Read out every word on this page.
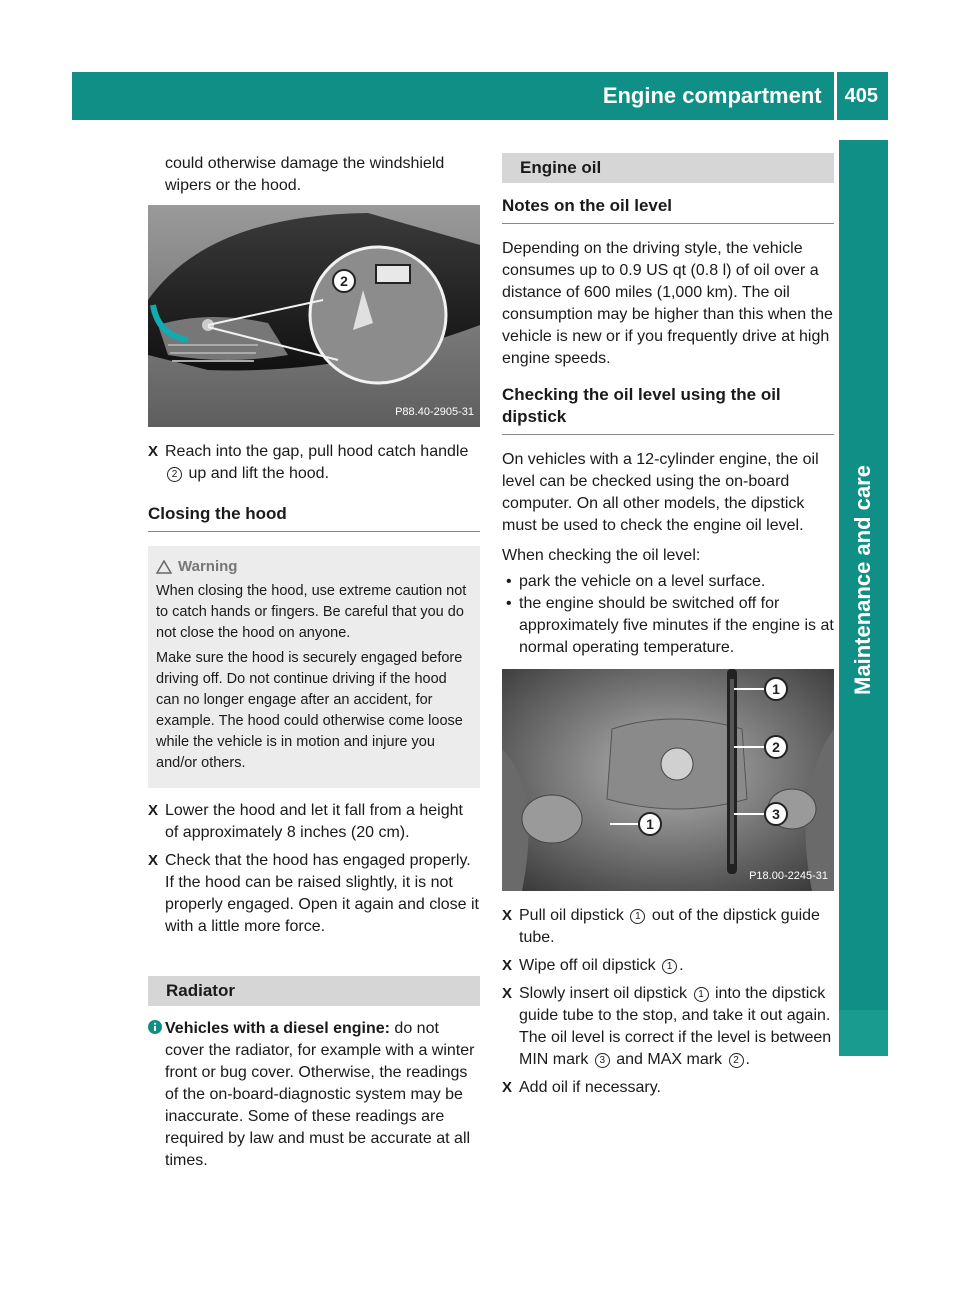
Engine compartment	405
Maintenance and care

could otherwise damage the windshield wipers or the hood.

2
P88.40-2905-31
X Reach into the gap, pull hood catch handle 2 up and lift the hood.
Closing the hood
Warning

When closing the hood, use extreme caution not to catch hands or fingers. Be careful that you do not close the hood on anyone.

Make sure the hood is securely engaged before driving off. Do not continue driving if the hood can no longer engage after an accident, for example. The hood could otherwise come loose while the vehicle is in motion and injure you and/or others.

X Lower the hood and let it fall from a height of approximately 8 inches (20 cm).
X Check that the hood has engaged properly. If the hood can be raised slightly, it is not properly engaged. Open it again and close it with a little more force.
Radiator
Vehicles with a diesel engine: do not cover the radiator, for example with a winter front or bug cover. Otherwise, the readings of the on-board-diagnostic system may be inaccurate. Some of these readings are required by law and must be accurate at all times.
Engine oil
Notes on the oil level

Depending on the driving style, the vehicle consumes up to 0.9 US qt (0.8 l) of oil over a distance of 600 miles (1,000 km). The oil consumption may be higher than this when the vehicle is new or if you frequently drive at high engine speeds.

Checking the oil level using the oil dipstick

On vehicles with a 12-cylinder engine, the oil level can be checked using the on-board computer. On all other models, the dipstick must be used to check the engine oil level.

When checking the oil level:

• park the vehicle on a level surface.
• the engine should be switched off for approximately five minutes if the engine is at normal operating temperature.
1
2
3
1
P18.00-2245-31
X Pull oil dipstick 1 out of the dipstick guide tube.
X Wipe off oil dipstick 1 .
X Slowly insert oil dipstick 1 into the dipstick guide tube to the stop, and take it out again.
The oil level is correct if the level is between MIN mark 3 and MAX mark 2 .
X Add oil if necessary.
